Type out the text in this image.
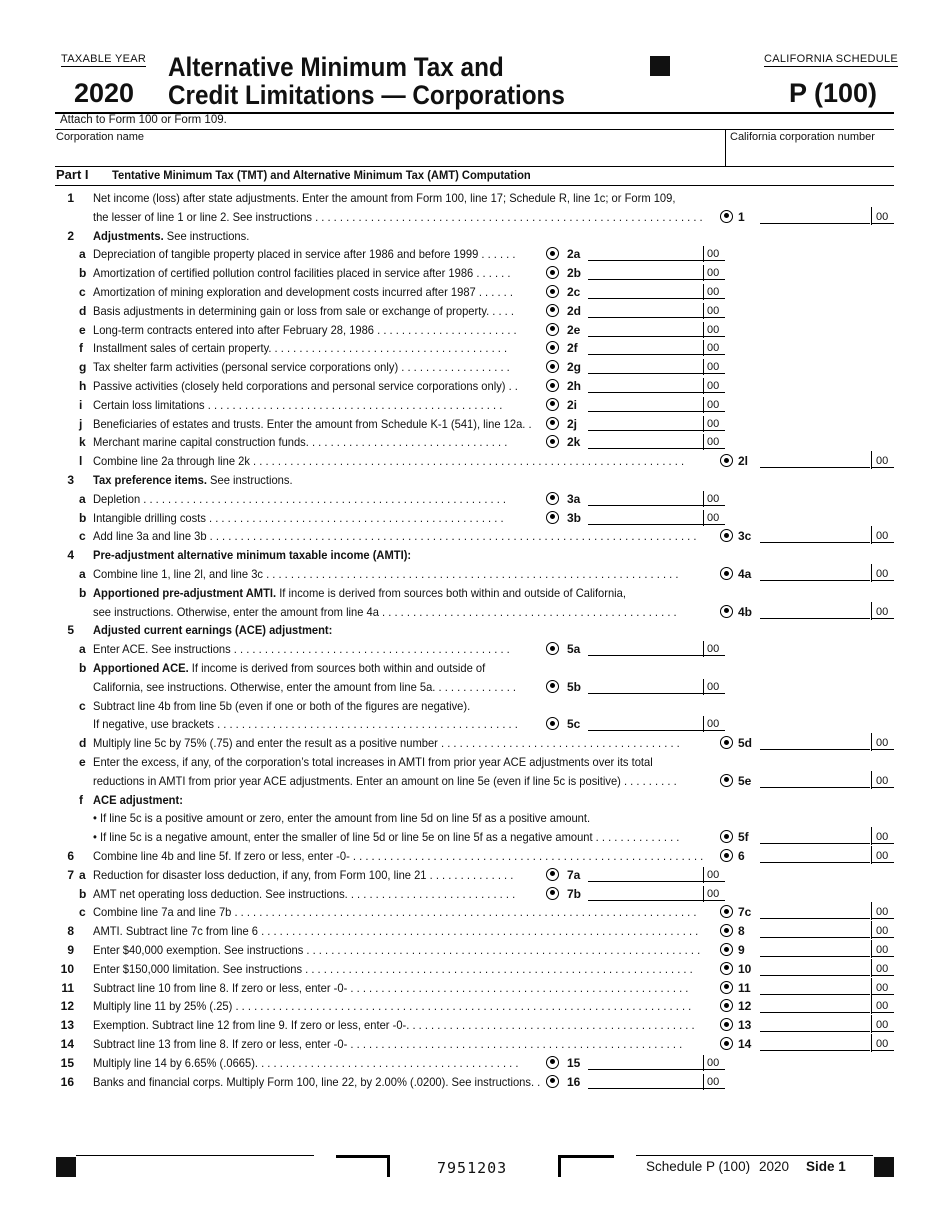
TAXABLE YEAR
2020
Alternative Minimum Tax and
Credit Limitations — Corporations
CALIFORNIA SCHEDULE
P (100)
Attach to Form 100 or Form 109.
Corporation name	California corporation number
Part I Tentative Minimum Tax (TMT) and Alternative Minimum Tax (AMT) Computation
1 Net income (loss) after state adjustments. Enter the amount from Form 100, line 17; Schedule R, line 1c; or Form 109,
the lesser of line 1 or line 2. See instructions . . . . . . . . . . . . . . . . . . . . . . . . . . . . . . . . . . . . . . . . . . . . . . . . . . . . . . . . . . . . . . .	1	00
2 Adjustments. See instructions.
a Depreciation of tangible property placed in service after 1986 and before 1999 . . . . . .	2a	00
b Amortization of certified pollution control facilities placed in service after 1986 . . . . . .	2b	00
c Amortization of mining exploration and development costs incurred after 1987 . . . . . .	2c	00
d Basis adjustments in determining gain or loss from sale or exchange of property. . . . .	2d	00
e Long-term contracts entered into after February 28, 1986 . . . . . . . . . . . . . . . . . . . . . . .	2e	00
f Installment sales of certain property. . . . . . . . . . . . . . . . . . . . . . . . . . . . . . . . . . . . . . .	2f	00
g Tax shelter farm activities (personal service corporations only) . . . . . . . . . . . . . . . . . .	2g	00
h Passive activities (closely held corporations and personal service corporations only) . .	2h	00
i Certain loss limitations . . . . . . . . . . . . . . . . . . . . . . . . . . . . . . . . . . . . . . . . . . . . . . . .	2i	00
j Beneficiaries of estates and trusts. Enter the amount from Schedule K-1 (541), line 12a. .	2j	00
k Merchant marine capital construction funds. . . . . . . . . . . . . . . . . . . . . . . . . . . . . . . . .	2k	00
l Combine line 2a through line 2k . . . . . . . . . . . . . . . . . . . . . . . . . . . . . . . . . . . . . . . . . . . . . . . . . . . . . . . . . . . . . . . . . . . . . .	2l	00
3 Tax preference items. See instructions.
a Depletion . . . . . . . . . . . . . . . . . . . . . . . . . . . . . . . . . . . . . . . . . . . . . . . . . . . . . . . . . . .	3a	00
b Intangible drilling costs . . . . . . . . . . . . . . . . . . . . . . . . . . . . . . . . . . . . . . . . . . . . . . . .	3b	00
c Add line 3a and line 3b . . . . . . . . . . . . . . . . . . . . . . . . . . . . . . . . . . . . . . . . . . . . . . . . . . . . . . . . . . . . . . . . . . . . . . . . . . . . . . .	3c	00
4 Pre-adjustment alternative minimum taxable income (AMTI):
a Combine line 1, line 2l, and line 3c . . . . . . . . . . . . . . . . . . . . . . . . . . . . . . . . . . . . . . . . . . . . . . . . . . . . . . . . . . . . . . . . . . .	4a	00
b Apportioned pre-adjustment AMTI. If income is derived from sources both within and outside of California,
see instructions. Otherwise, enter the amount from line 4a . . . . . . . . . . . . . . . . . . . . . . . . . . . . . . . . . . . . . . . . . . . . . . . .	4b	00
5 Adjusted current earnings (ACE) adjustment:
a Enter ACE. See instructions . . . . . . . . . . . . . . . . . . . . . . . . . . . . . . . . . . . . . . . . . . . . .	5a	00
b Apportioned ACE. If income is derived from sources both within and outside of
California, see instructions. Otherwise, enter the amount from line 5a. . . . . . . . . . . . . .	5b	00
c Subtract line 4b from line 5b (even if one or both of the figures are negative).
If negative, use brackets . . . . . . . . . . . . . . . . . . . . . . . . . . . . . . . . . . . . . . . . . . . . . . . . .	5c	00
d Multiply line 5c by 75% (.75) and enter the result as a positive number . . . . . . . . . . . . . . . . . . . . . . . . . . . . . . . . . . . . . . .	5d	00
e Enter the excess, if any, of the corporation’s total increases in AMTI from prior year ACE adjustments over its total
reductions in AMTI from prior year ACE adjustments. Enter an amount on line 5e (even if line 5c is positive) . . . . . . . . .	5e	00
f ACE adjustment:
• If line 5c is a positive amount or zero, enter the amount from line 5d on line 5f as a positive amount.
• If line 5c is a negative amount, enter the smaller of line 5d or line 5e on line 5f as a negative amount . . . . . . . . . . . . . .	5f	00
6 Combine line 4b and line 5f. If zero or less, enter -0- . . . . . . . . . . . . . . . . . . . . . . . . . . . . . . . . . . . . . . . . . . . . . . . . . . . . . . . . .	6	00
7 a Reduction for disaster loss deduction, if any, from Form 100, line 21 . . . . . . . . . . . . . .	7a	00
b AMT net operating loss deduction. See instructions. . . . . . . . . . . . . . . . . . . . . . . . . . . .	7b	00
c Combine line 7a and line 7b . . . . . . . . . . . . . . . . . . . . . . . . . . . . . . . . . . . . . . . . . . . . . . . . . . . . . . . . . . . . . . . . . . . . . . . . . . .	7c	00
8 AMTI. Subtract line 7c from line 6 . . . . . . . . . . . . . . . . . . . . . . . . . . . . . . . . . . . . . . . . . . . . . . . . . . . . . . . . . . . . . . . . . . . . . . .	8	00
9 Enter $40,000 exemption. See instructions . . . . . . . . . . . . . . . . . . . . . . . . . . . . . . . . . . . . . . . . . . . . . . . . . . . . . . . . . . . . . . . .	9	00
10 Enter $150,000 limitation. See instructions . . . . . . . . . . . . . . . . . . . . . . . . . . . . . . . . . . . . . . . . . . . . . . . . . . . . . . . . . . . . . . .	10	00
11 Subtract line 10 from line 8. If zero or less, enter -0- . . . . . . . . . . . . . . . . . . . . . . . . . . . . . . . . . . . . . . . . . . . . . . . . . . . . . . .	11	00
12 Multiply line 11 by 25% (.25) . . . . . . . . . . . . . . . . . . . . . . . . . . . . . . . . . . . . . . . . . . . . . . . . . . . . . . . . . . . . . . . . . . . . . . . . . .	12	00
13 Exemption. Subtract line 12 from line 9. If zero or less, enter -0-. . . . . . . . . . . . . . . . . . . . . . . . . . . . . . . . . . . . . . . . . . . . . . .	13	00
14 Subtract line 13 from line 8. If zero or less, enter -0- . . . . . . . . . . . . . . . . . . . . . . . . . . . . . . . . . . . . . . . . . . . . . . . . . . . . . .	14	00
15 Multiply line 14 by 6.65% (.0665). . . . . . . . . . . . . . . . . . . . . . . . . . . . . . . . . . . . . . . . . . .	15	00
16 Banks and financial corps. Multiply Form 100, line 22, by 2.00% (.0200). See instructions. .	16	00
7951203	Schedule P (100) 2020 Side 1
